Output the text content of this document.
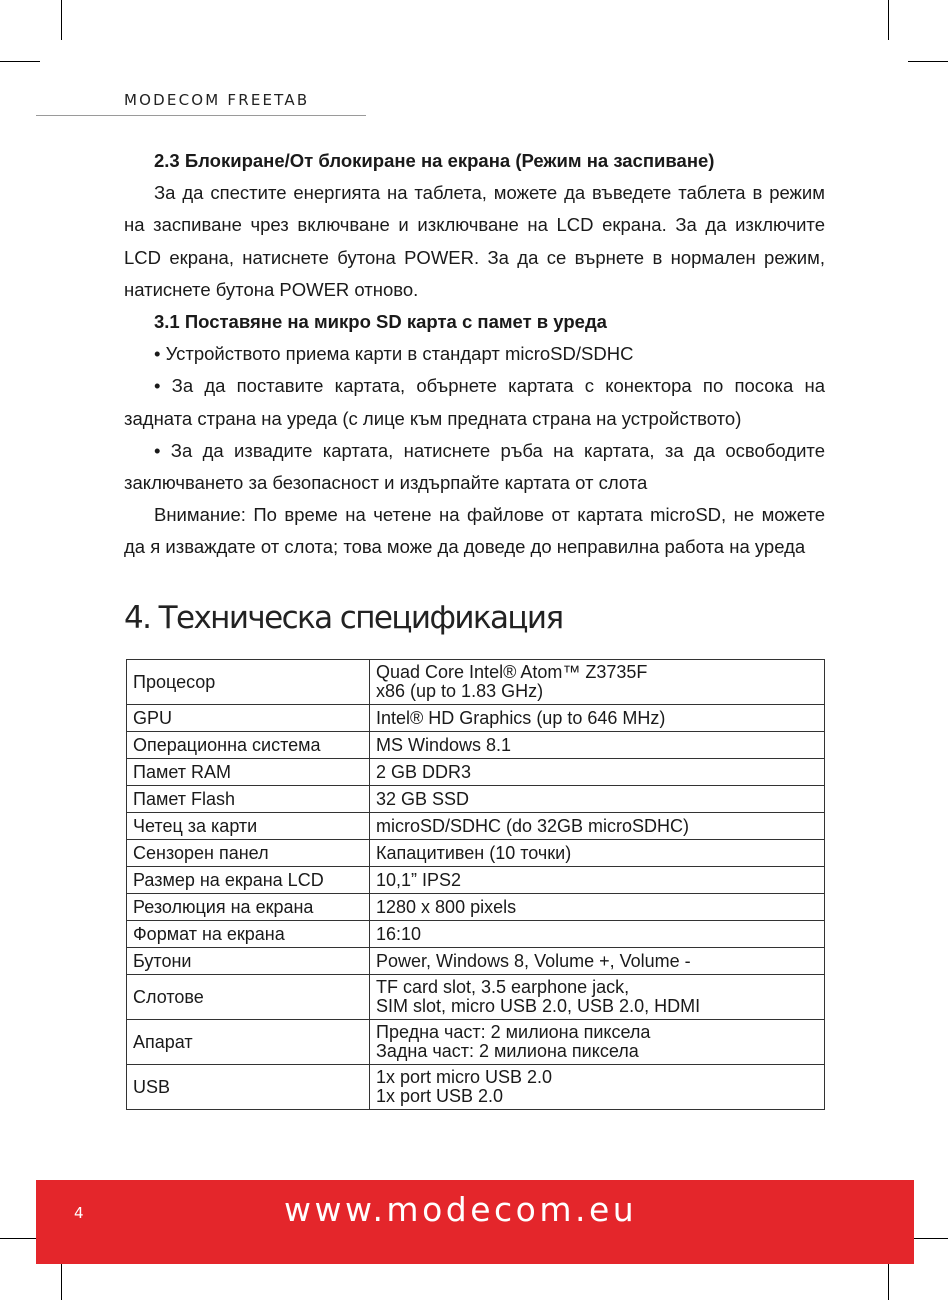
MODECOM FREETAB

2.3 Блокиране/От блокиране на екрана (Режим на заспиване)

За да спестите енергията на таблета, можете да въведете таблета в режим на заспиване чрез включване и изключване на LCD екрана. За да изключите LCD екрана, натиснете бутона POWER. За да се върнете в нормален режим, натиснете бутона POWER отново.

3.1 Поставяне на микро SD карта с памет в уреда

• Устройството приема карти в стандарт microSD/SDHC

• За да поставите картата, обърнете картата с конектора по посока на задната страна на уреда (с лице към предната страна на устройството)

• За да извадите картата, натиснете ръба на картата, за да освободите заключването за безопасност и издърпайте картата от слота

Внимание: По време на четене на файлове от картата microSD, не можете да я изваждате от слота; това може да доведе до неправилна работа на уреда

4. Техническа спецификация
Процесор	Quad Core Intel® Atom™ Z3735F
x86 (up to 1.83 GHz)

GPU	Intel® HD Graphics (up to 646 MHz)

Операционна система	MS Windows 8.1

Памет RAM	2 GB DDR3

Памет Flash	32 GB SSD

Четец за карти	microSD/SDHC (do 32GB microSDHC)

Сензорен панел	Капацитивен (10 точки)

Размер на екрана LCD	10,1” IPS2

Резолюция на екрана	1280 x 800 pixels

Формат на екрана	16:10

Бутони	Power, Windows 8, Volume +, Volume -

Слотове	TF card slot, 3.5 earphone jack,
SIM slot, micro USB 2.0, USB 2.0, HDMI

Апарат	Предна част: 2 милиона пиксела
Задна част: 2 милиона пиксела

USB	1x port micro USB 2.0
1x port USB 2.0
4	www.modecom.eu
